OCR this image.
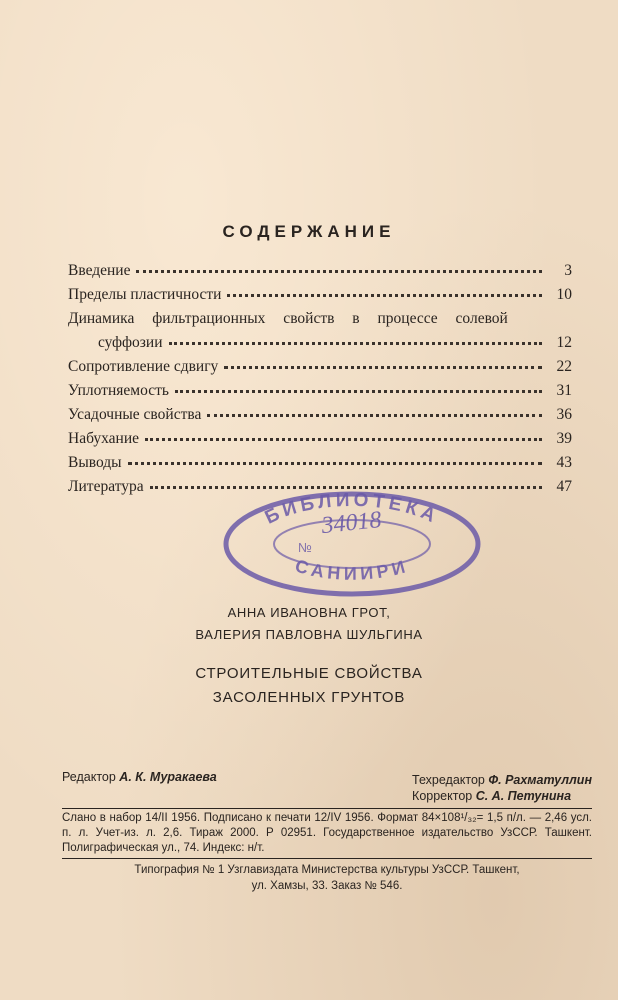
СОДЕРЖАНИЕ
Введение	3
Пределы пластичности	10
Динамика фильтрационных свойств в процессе солевой
суффозии	12
Сопротивление сдвигу	22
Уплотняемость	31
Усадочные свойства	36
Набухание	39
Выводы	43
Литература	47
БИБЛИОТЕКА
САНИИРИ
№
34018
АННА ИВАНОВНА ГРОТ,
ВАЛЕРИЯ ПАВЛОВНА ШУЛЬГИНА
СТРОИТЕЛЬНЫЕ СВОЙСТВА
ЗАСОЛЕННЫХ ГРУНТОВ
Редактор А. К. Муракаева	Техредактор Ф. Рахматуллин
Корректор С. А. Петунина
Слано в набор 14/II 1956. Подписано к печати 12/IV 1956. Формат 84×108¹/₃₂= 1,5 п/л. — 2,46 усл. п. л. Учет-из. л. 2,6. Тираж 2000. Р 02951. Государственное издательство УзССР. Ташкент. Полиграфическая ул., 74. Индекс: н/т.
Типография № 1 Узглавиздата Министерства культуры УзССР. Ташкент,
ул. Хамзы, 33. Заказ № 546.
